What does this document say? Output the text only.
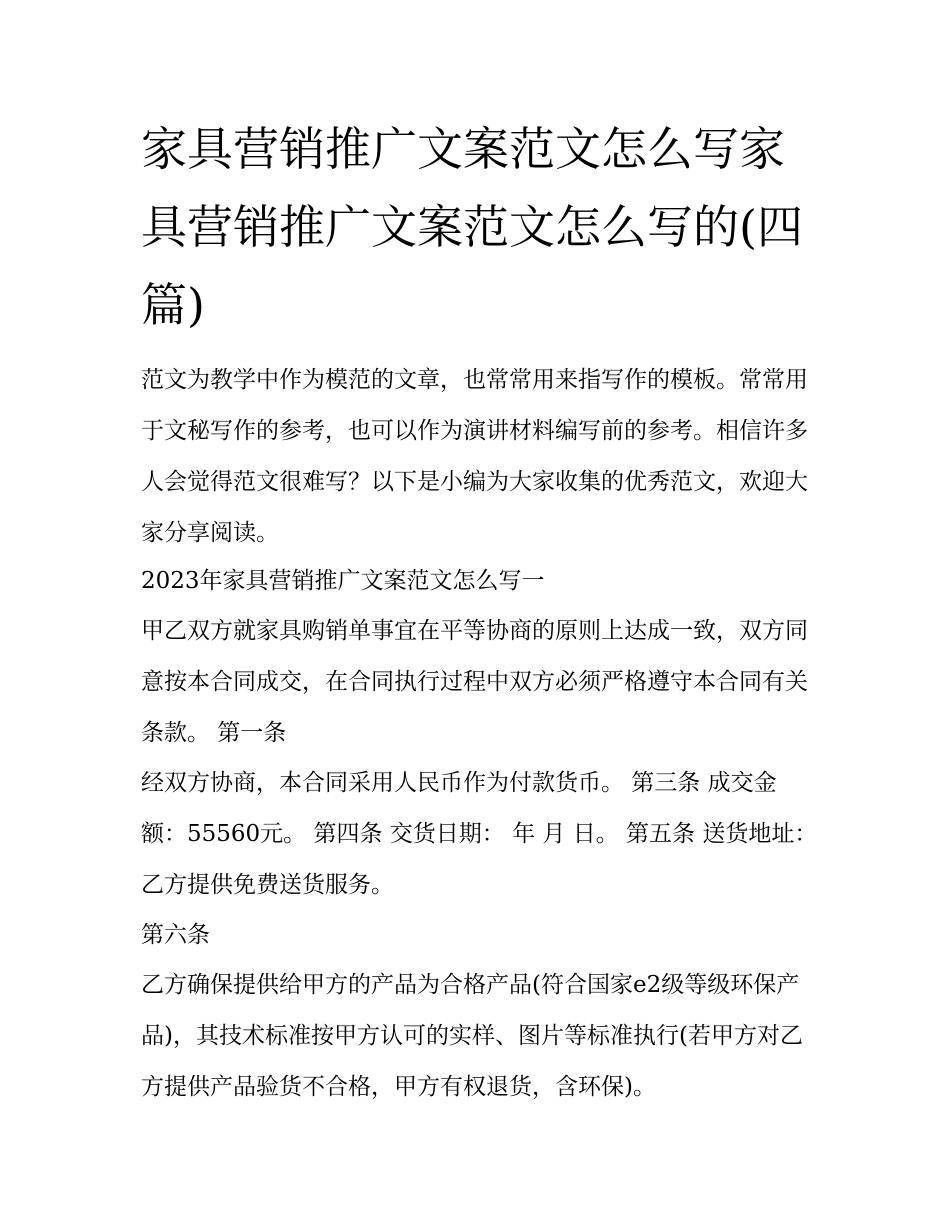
家具营销推广文案范文怎么写家具营销推广文案范文怎么写的(四篇)

范文为教学中作为模范的文章，也常常用来指写作的模板。常常用于文秘写作的参考，也可以作为演讲材料编写前的参考。相信许多人会觉得范文很难写？以下是小编为大家收集的优秀范文，欢迎大家分享阅读。

2023年家具营销推广文案范文怎么写一

甲乙双方就家具购销单事宜在平等协商的原则上达成一致，双方同意按本合同成交，在合同执行过程中双方必须严格遵守本合同有关条款。 第一条

经双方协商，本合同采用人民币作为付款货币。 第三条 成交金额：55560元。 第四条 交货日期： 年 月 日。 第五条 送货地址：乙方提供免费送货服务。

第六条

乙方确保提供给甲方的产品为合格产品(符合国家e2级等级环保产品)，其技术标准按甲方认可的实样、图片等标准执行(若甲方对乙方提供产品验货不合格，甲方有权退货，含环保)。
